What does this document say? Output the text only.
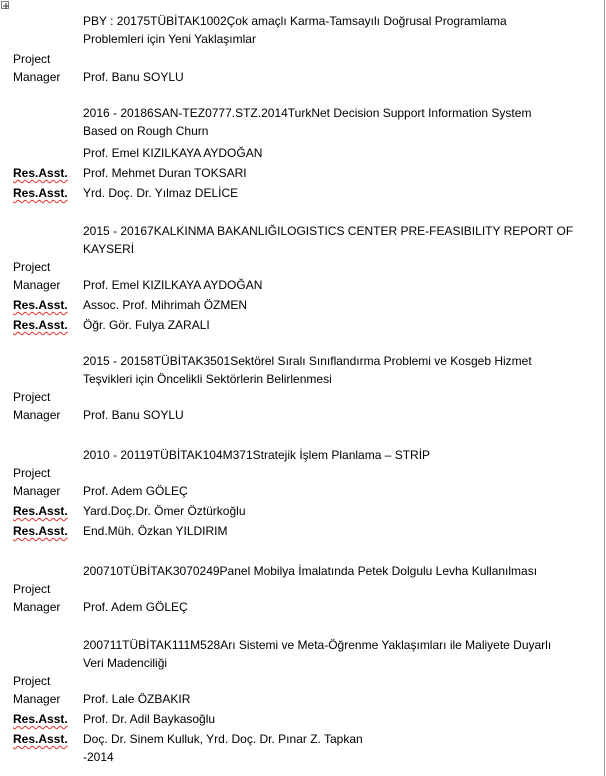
PBY : 20175TÜBİTAK1002Çok amaçlı Karma-Tamsayılı Doğrusal Programlama
Problemleri için Yeni Yaklaşımlar
Project
Manager Prof. Banu SOYLU
2016 - 20186SAN-TEZ0777.STZ.2014TurkNet Decision Support Information System
Based on Rough Churn
Prof. Emel KIZILKAYA AYDOĞAN
Res.Asst. Prof. Mehmet Duran TOKSARI
Res.Asst. Yrd. Doç. Dr. Yılmaz DELİCE
2015 - 20167KALKINMA BAKANLIĞILOGISTICS CENTER PRE-FEASIBILITY REPORT OF
KAYSERİ
Project
Manager Prof. Emel KIZILKAYA AYDOĞAN
Res.Asst. Assoc. Prof. Mihrimah ÖZMEN
Res.Asst. Öğr. Gör. Fulya ZARALI
2015 - 20158TÜBİTAK3501Sektörel Sıralı Sınıflandırma Problemi ve Kosgeb Hizmet
Teşvikleri için Öncelikli Sektörlerin Belirlenmesi
Project
Manager Prof. Banu SOYLU
2010 - 20119TÜBİTAK104M371Stratejik İşlem Planlama – STRİP
Project
Manager Prof. Adem GÖLEÇ
Res.Asst. Yard.Doç.Dr. Ömer Öztürkoğlu
Res.Asst. End.Müh. Özkan YILDIRIM
200710TÜBİTAK3070249Panel Mobilya İmalatında Petek Dolgulu Levha Kullanılması
Project
Manager Prof. Adem GÖLEÇ
200711TÜBİTAK111M528Arı Sistemi ve Meta-Öğrenme Yaklaşımları ile Maliyete Duyarlı
Veri Madenciliği
Project
Manager Prof. Lale ÖZBAKIR
Res.Asst. Prof. Dr. Adil Baykasoğlu
Res.Asst. Doç. Dr. Sinem Kulluk, Yrd. Doç. Dr. Pınar Z. Tapkan
-2014
